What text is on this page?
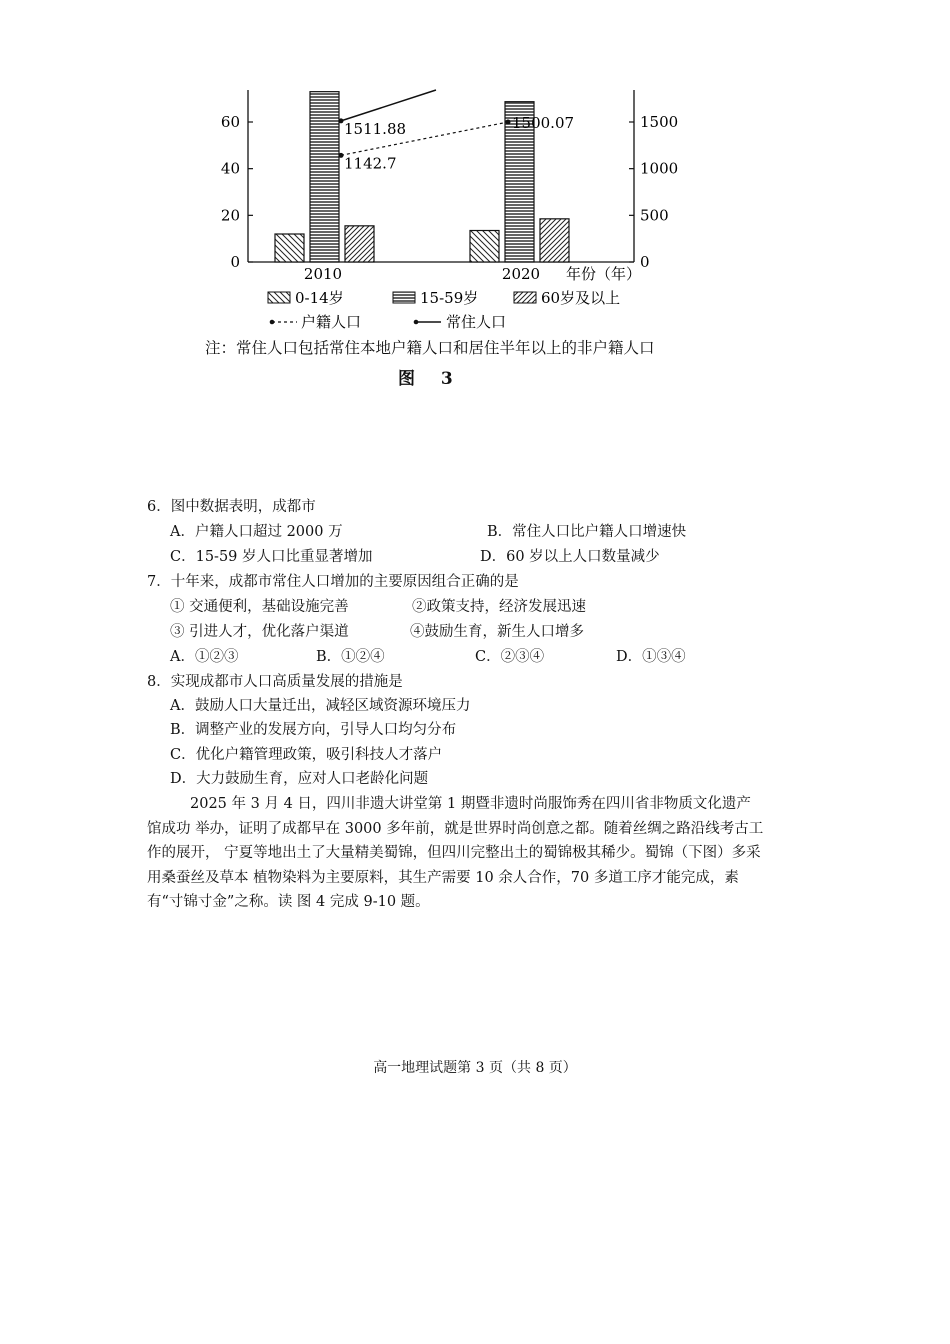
0
20
40
60
0
500
1000
1500
2010	2020 年份（年）
1511.88
1142.7
1500.07
0-14岁	15-59岁	60岁及以上
户籍人口	常住人口
注：常住人口包括常住本地户籍人口和居住半年以上的非户籍人口
图 3
6．图中数据表明，成都市
A．户籍人口超过 2000 万	B．常住人口比户籍人口增速快
C．15-59 岁人口比重显著增加	D．60 岁以上人口数量减少
7．十年来，成都市常住人口增加的主要原因组合正确的是
① 交通便利，基础设施完善	②政策支持，经济发展迅速
③ 引进人才，优化落户渠道	④鼓励生育，新生人口增多
A．①②③	B．①②④	C．②③④	D．①③④
8．实现成都市人口高质量发展的措施是
A．鼓励人口大量迁出，减轻区域资源环境压力
B．调整产业的发展方向，引导人口均匀分布
C．优化户籍管理政策，吸引科技人才落户
D．大力鼓励生育，应对人口老龄化问题
2025 年 3 月 4 日，四川非遗大讲堂第 1 期暨非遗时尚服饰秀在四川省非物质文化遗产
馆成功 举办，证明了成都早在 3000 多年前，就是世界时尚创意之都。随着丝绸之路沿线考古工
作的展开， 宁夏等地出土了大量精美蜀锦，但四川完整出土的蜀锦极其稀少。蜀锦（下图）多采
用桑蚕丝及草本 植物染料为主要原料，其生产需要 10 余人合作，70 多道工序才能完成，素
有“寸锦寸金”之称。读 图 4 完成 9-10 题。
高一地理试题第 3 页（共 8 页）
